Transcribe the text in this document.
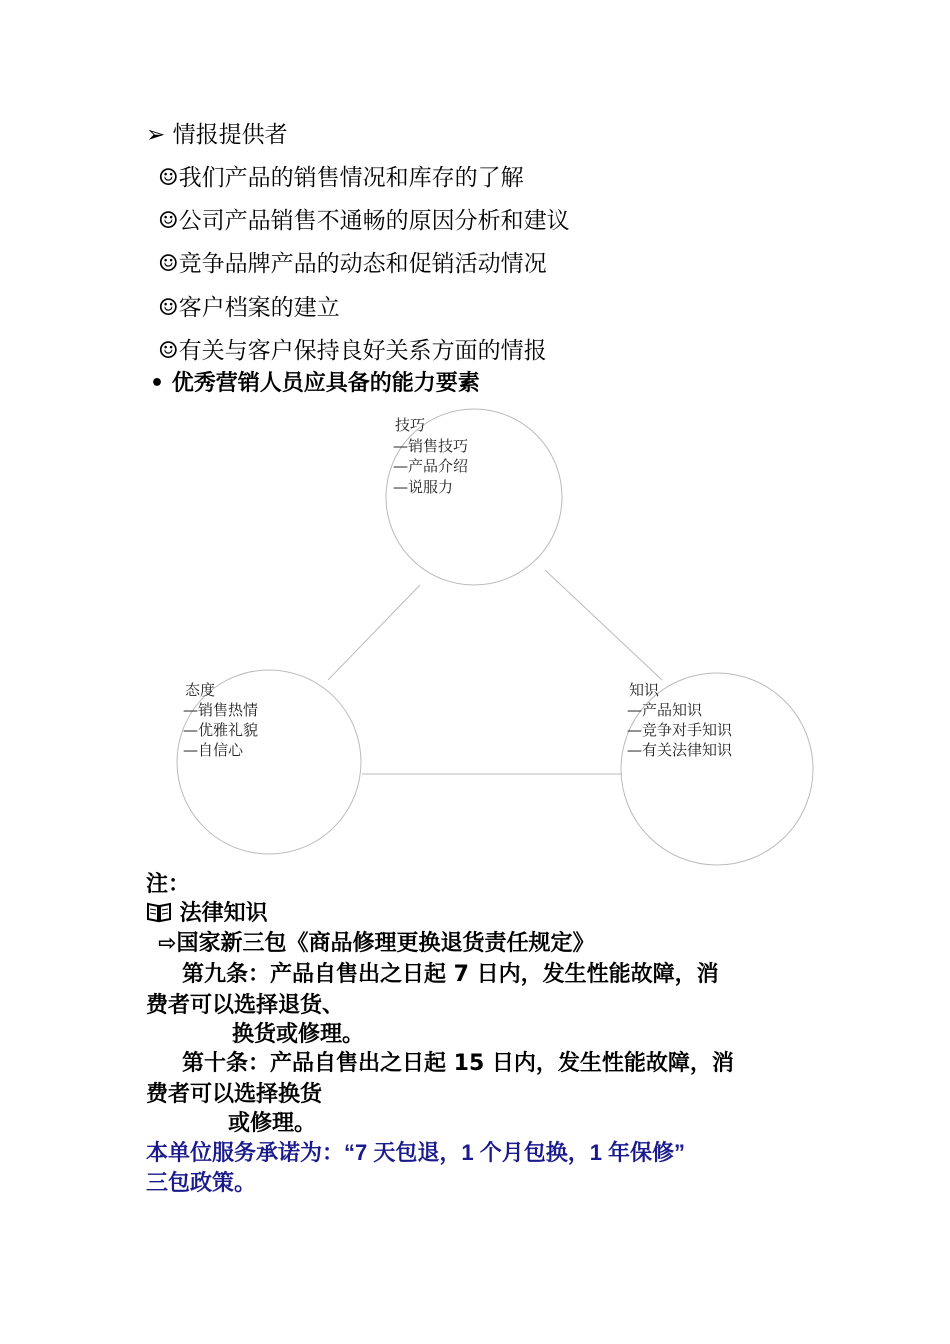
➢ 情报提供者
☺我们产品的销售情况和库存的了解
☺公司产品销售不通畅的原因分析和建议
☺竞争品牌产品的动态和促销活动情况
☺客户档案的建立
☺有关与客户保持良好关系方面的情报
• 优秀营销人员应具备的能力要素
技巧
—销售技巧
—产品介绍
—说服力
态度
—销售热情
—优雅礼貌
—自信心
知识
—产品知识
—竞争对手知识
—有关法律知识
注：
法律知识
⇨国家新三包《商品修理更换退货责任规定》
第九条：产品自售出之日起 7 日内，发生性能故障，消
费者可以选择退货、
换货或修理。
第十条：产品自售出之日起 15 日内，发生性能故障，消
费者可以选择换货
或修理。
本单位服务承诺为：“7 天包退，1 个月包换，1 年保修”
三包政策。
